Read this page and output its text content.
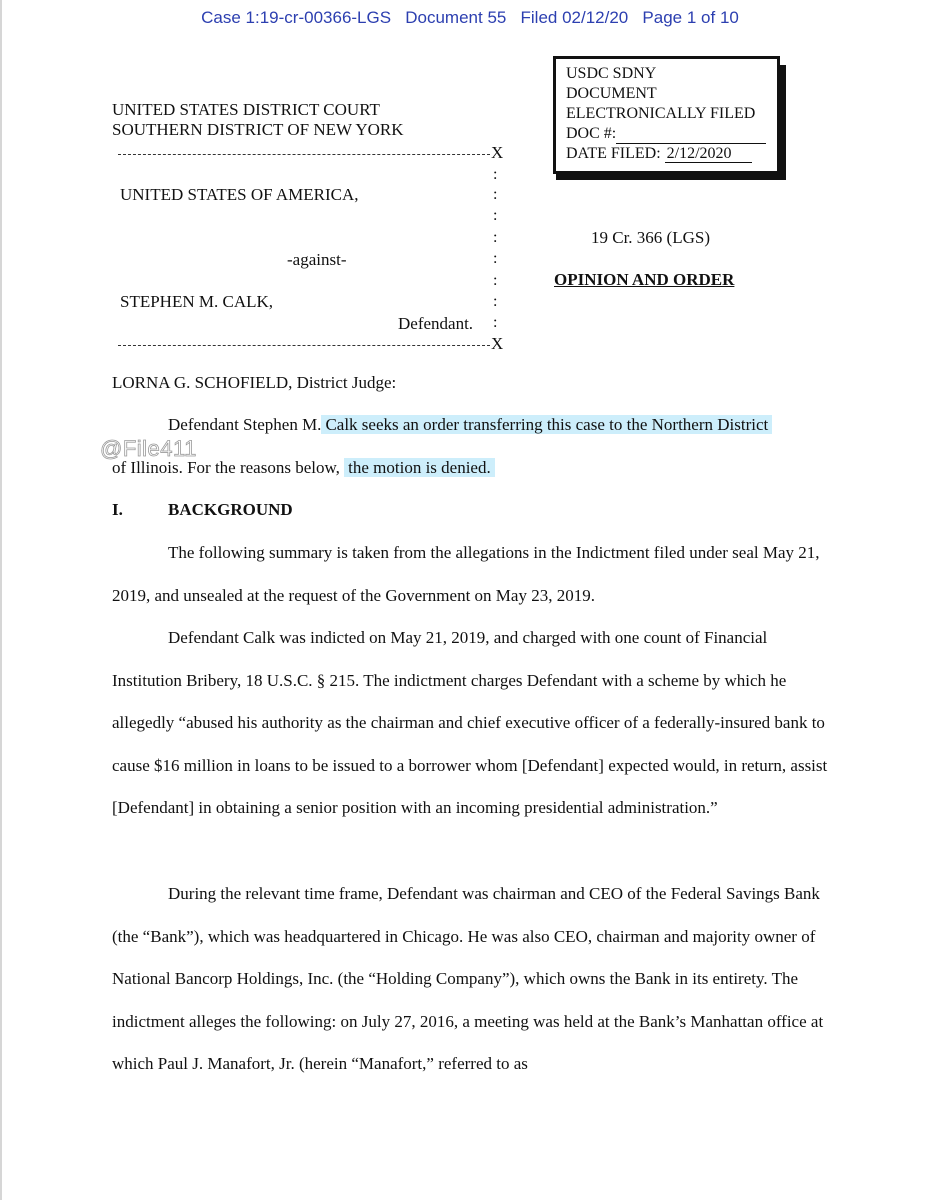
Case 1:19-cr-00366-LGS   Document 55   Filed 02/12/20   Page 1 of 10
USDC SDNY
DOCUMENT
ELECTRONICALLY FILED
DOC #:
DATE FILED: 2/12/2020
UNITED STATES DISTRICT COURT
SOUTHERN DISTRICT OF NEW YORK
X
:
:
:
:
:
:
:
:
UNITED STATES OF AMERICA,
-against-
STEPHEN M. CALK,
Defendant.
X
19 Cr. 366 (LGS)
OPINION AND ORDER
LORNA G. SCHOFIELD, District Judge:
Defendant Stephen M. Calk seeks an order transferring this case to the Northern District
of Illinois. For the reasons below, the motion is denied.
@File411
I.	BACKGROUND
The following summary is taken from the allegations in the Indictment filed under seal May 21, 2019, and unsealed at the request of the Government on May 23, 2019.
Defendant Calk was indicted on May 21, 2019, and charged with one count of Financial Institution Bribery, 18 U.S.C. § 215. The indictment charges Defendant with a scheme by which he allegedly “abused his authority as the chairman and chief executive officer of a federally-insured bank to cause $16 million in loans to be issued to a borrower whom [Defendant] expected would, in return, assist [Defendant] in obtaining a senior position with an incoming presidential administration.”
During the relevant time frame, Defendant was chairman and CEO of the Federal Savings Bank (the “Bank”), which was headquartered in Chicago. He was also CEO, chairman and majority owner of National Bancorp Holdings, Inc. (the “Holding Company”), which owns the Bank in its entirety. The indictment alleges the following: on July 27, 2016, a meeting was held at the Bank’s Manhattan office at which Paul J. Manafort, Jr. (herein “Manafort,” referred to as
